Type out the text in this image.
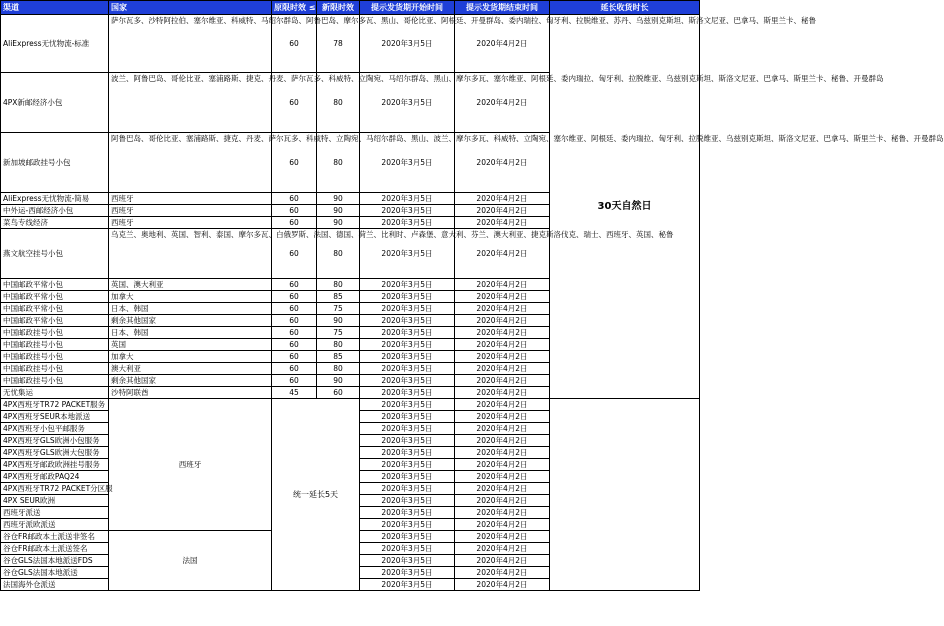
渠道	国家	原限时效 ≤	新限时效	提示发货期开始时间	提示发货期结束时间	延长收货时长
AliExpress无忧物流-标准	萨尔瓦多、沙特阿拉伯、塞尔维亚、科威特、马绍尔群岛、阿鲁巴岛、摩尔多瓦、黑山、哥伦比亚、阿根廷、开曼群岛、委内瑞拉、匈牙利、拉脱维亚、苏丹、乌兹别克斯坦、斯洛文尼亚、巴拿马、斯里兰卡、秘鲁	60	78	2020年3月5日	2020年4月2日	30天自然日
4PX新邮经济小包	波兰、阿鲁巴岛、哥伦比亚、塞浦路斯、捷克、丹麦、萨尔瓦多、科威特、立陶宛、马绍尔群岛、黑山、摩尔多瓦、塞尔维亚、阿根廷、委内瑞拉、匈牙利、拉脱维亚、乌兹别克斯坦、斯洛文尼亚、巴拿马、斯里兰卡、秘鲁、开曼群岛	60	80	2020年3月5日	2020年4月2日	
新加坡邮政挂号小包	阿鲁巴岛、哥伦比亚、塞浦路斯、捷克、丹麦、萨尔瓦多、科威特、立陶宛、马绍尔群岛、黑山、波兰、摩尔多瓦、科威特、立陶宛、塞尔维亚、阿根廷、委内瑞拉、匈牙利、拉脱维亚、乌兹别克斯坦、斯洛文尼亚、巴拿马、斯里兰卡、秘鲁、开曼群岛	60	80	2020年3月5日	2020年4月2日	
AliExpress无忧物流-简易	西班牙	60	90	2020年3月5日	2020年4月2日	
中外运-西邮经济小包	西班牙	60	90	2020年3月5日	2020年4月2日	
菜鸟专线经济	西班牙	60	90	2020年3月5日	2020年4月2日	
燕文航空挂号小包	乌克兰、奥地利、英国、智利、泰国、摩尔多瓦、白俄罗斯、法国、德国、荷兰、比利时、卢森堡、意大利、芬兰、澳大利亚、捷克斯洛伐克、瑞士、西班牙、英国、秘鲁	60	80	2020年3月5日	2020年4月2日	
中国邮政平常小包	英国、澳大利亚	60	80	2020年3月5日	2020年4月2日	
中国邮政平常小包	加拿大	60	85	2020年3月5日	2020年4月2日	
中国邮政平常小包	日本、韩国	60	75	2020年3月5日	2020年4月2日	
中国邮政平常小包	剩余其他国家	60	90	2020年3月5日	2020年4月2日	
中国邮政挂号小包	日本、韩国	60	75	2020年3月5日	2020年4月2日	
中国邮政挂号小包	英国	60	80	2020年3月5日	2020年4月2日	
中国邮政挂号小包	加拿大	60	85	2020年3月5日	2020年4月2日	
中国邮政挂号小包	澳大利亚	60	80	2020年3月5日	2020年4月2日	
中国邮政挂号小包	剩余其他国家	60	90	2020年3月5日	2020年4月2日	
无忧集运	沙特阿联酋	45	60	2020年3月5日	2020年4月2日	
4PX西班牙TR72 PACKET服务	西班牙	统一延长5天		2020年3月5日	2020年4月2日	
4PX西班牙SEUR本地派送				2020年3月5日	2020年4月2日	
4PX西班牙小包平邮服务				2020年3月5日	2020年4月2日	
4PX西班牙GLS欧洲小包服务				2020年3月5日	2020年4月2日	
4PX西班牙GLS欧洲大包服务				2020年3月5日	2020年4月2日	
4PX西班牙邮政欧洲挂号服务				2020年3月5日	2020年4月2日	
4PX西班牙邮政PAQ24				2020年3月5日	2020年4月2日	
4PX西班牙TR72 PACKET分区服				2020年3月5日	2020年4月2日	
4PX SEUR欧洲				2020年3月5日	2020年4月2日	
西班牙派送				2020年3月5日	2020年4月2日	
西班牙派欧派送				2020年3月5日	2020年4月2日	
谷仓FR邮政本土派送非签名	法国			2020年3月5日	2020年4月2日	
谷仓FR邮政本土派送签名				2020年3月5日	2020年4月2日	
谷仓GLS法国本地派送FDS				2020年3月5日	2020年4月2日	
谷仓GLS法国本地派送				2020年3月5日	2020年4月2日	
法国海外仓派送				2020年3月5日	2020年4月2日	
